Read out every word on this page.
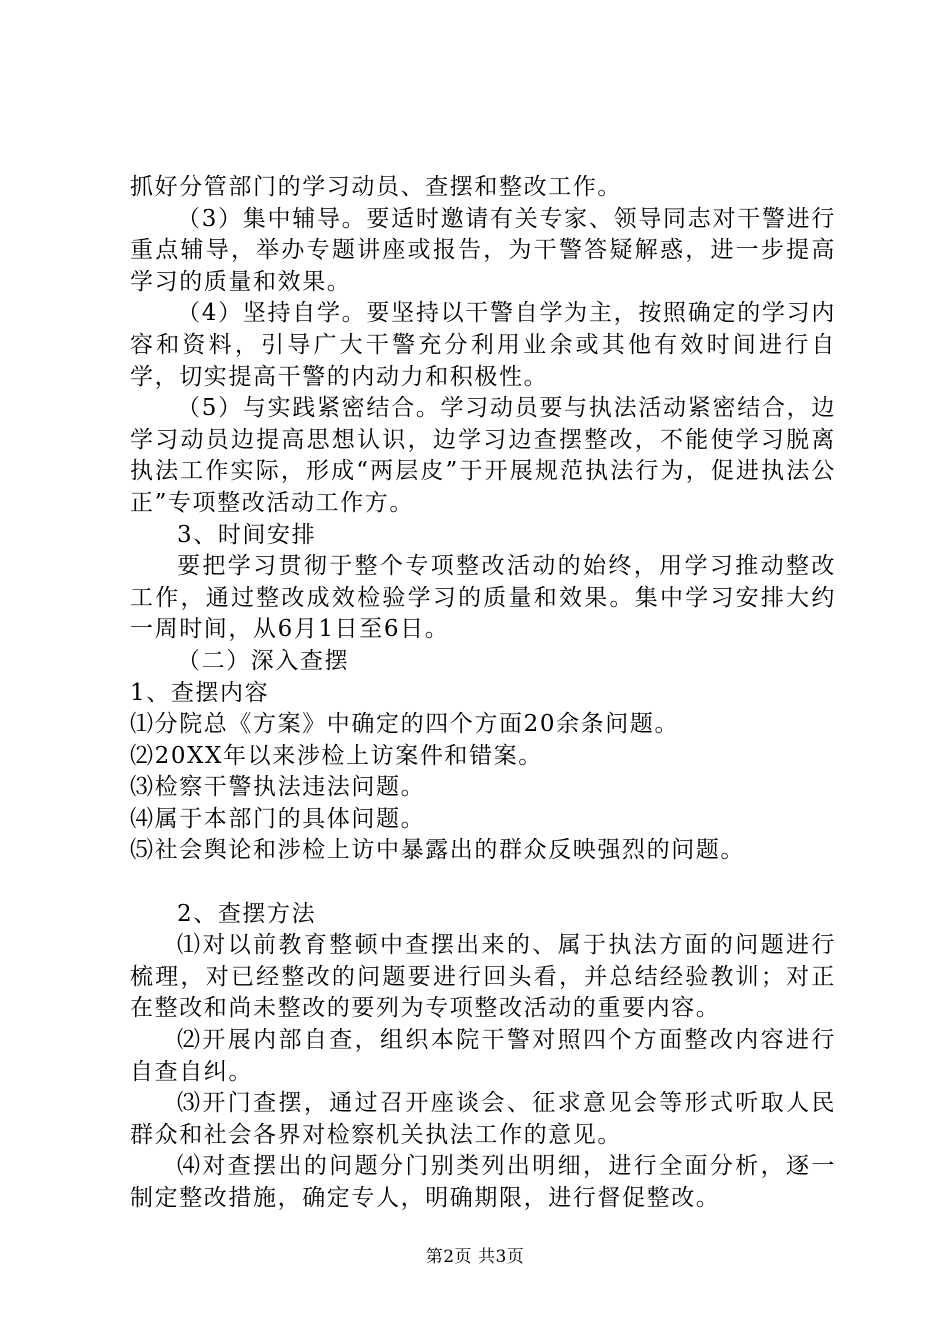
抓好分管部门的学习动员、查摆和整改工作。

（3）集中辅导。要适时邀请有关专家、领导同志对干警进行重点辅导，举办专题讲座或报告，为干警答疑解惑，进一步提高学习的质量和效果。

（4）坚持自学。要坚持以干警自学为主，按照确定的学习内容和资料，引导广大干警充分利用业余或其他有效时间进行自学，切实提高干警的内动力和积极性。

（5）与实践紧密结合。学习动员要与执法活动紧密结合，边学习动员边提高思想认识，边学习边查摆整改，不能使学习脱离执法工作实际，形成“两层皮”于开展规范执法行为，促进执法公正”专项整改活动工作方。

3、时间安排

要把学习贯彻于整个专项整改活动的始终，用学习推动整改工作，通过整改成效检验学习的质量和效果。集中学习安排大约一周时间，从6月1日至6日。

（二）深入查摆

1、查摆内容

⑴分院总《方案》中确定的四个方面20余条问题。

⑵20XX年以来涉检上访案件和错案。

⑶检察干警执法违法问题。

⑷属于本部门的具体问题。

⑸社会舆论和涉检上访中暴露出的群众反映强烈的问题。

2、查摆方法

⑴对以前教育整顿中查摆出来的、属于执法方面的问题进行梳理，对已经整改的问题要进行回头看，并总结经验教训；对正在整改和尚未整改的要列为专项整改活动的重要内容。

⑵开展内部自查，组织本院干警对照四个方面整改内容进行自查自纠。

⑶开门查摆，通过召开座谈会、征求意见会等形式听取人民群众和社会各界对检察机关执法工作的意见。

⑷对查摆出的问题分门别类列出明细，进行全面分析，逐一制定整改措施，确定专人，明确期限，进行督促整改。

第2页 共3页
